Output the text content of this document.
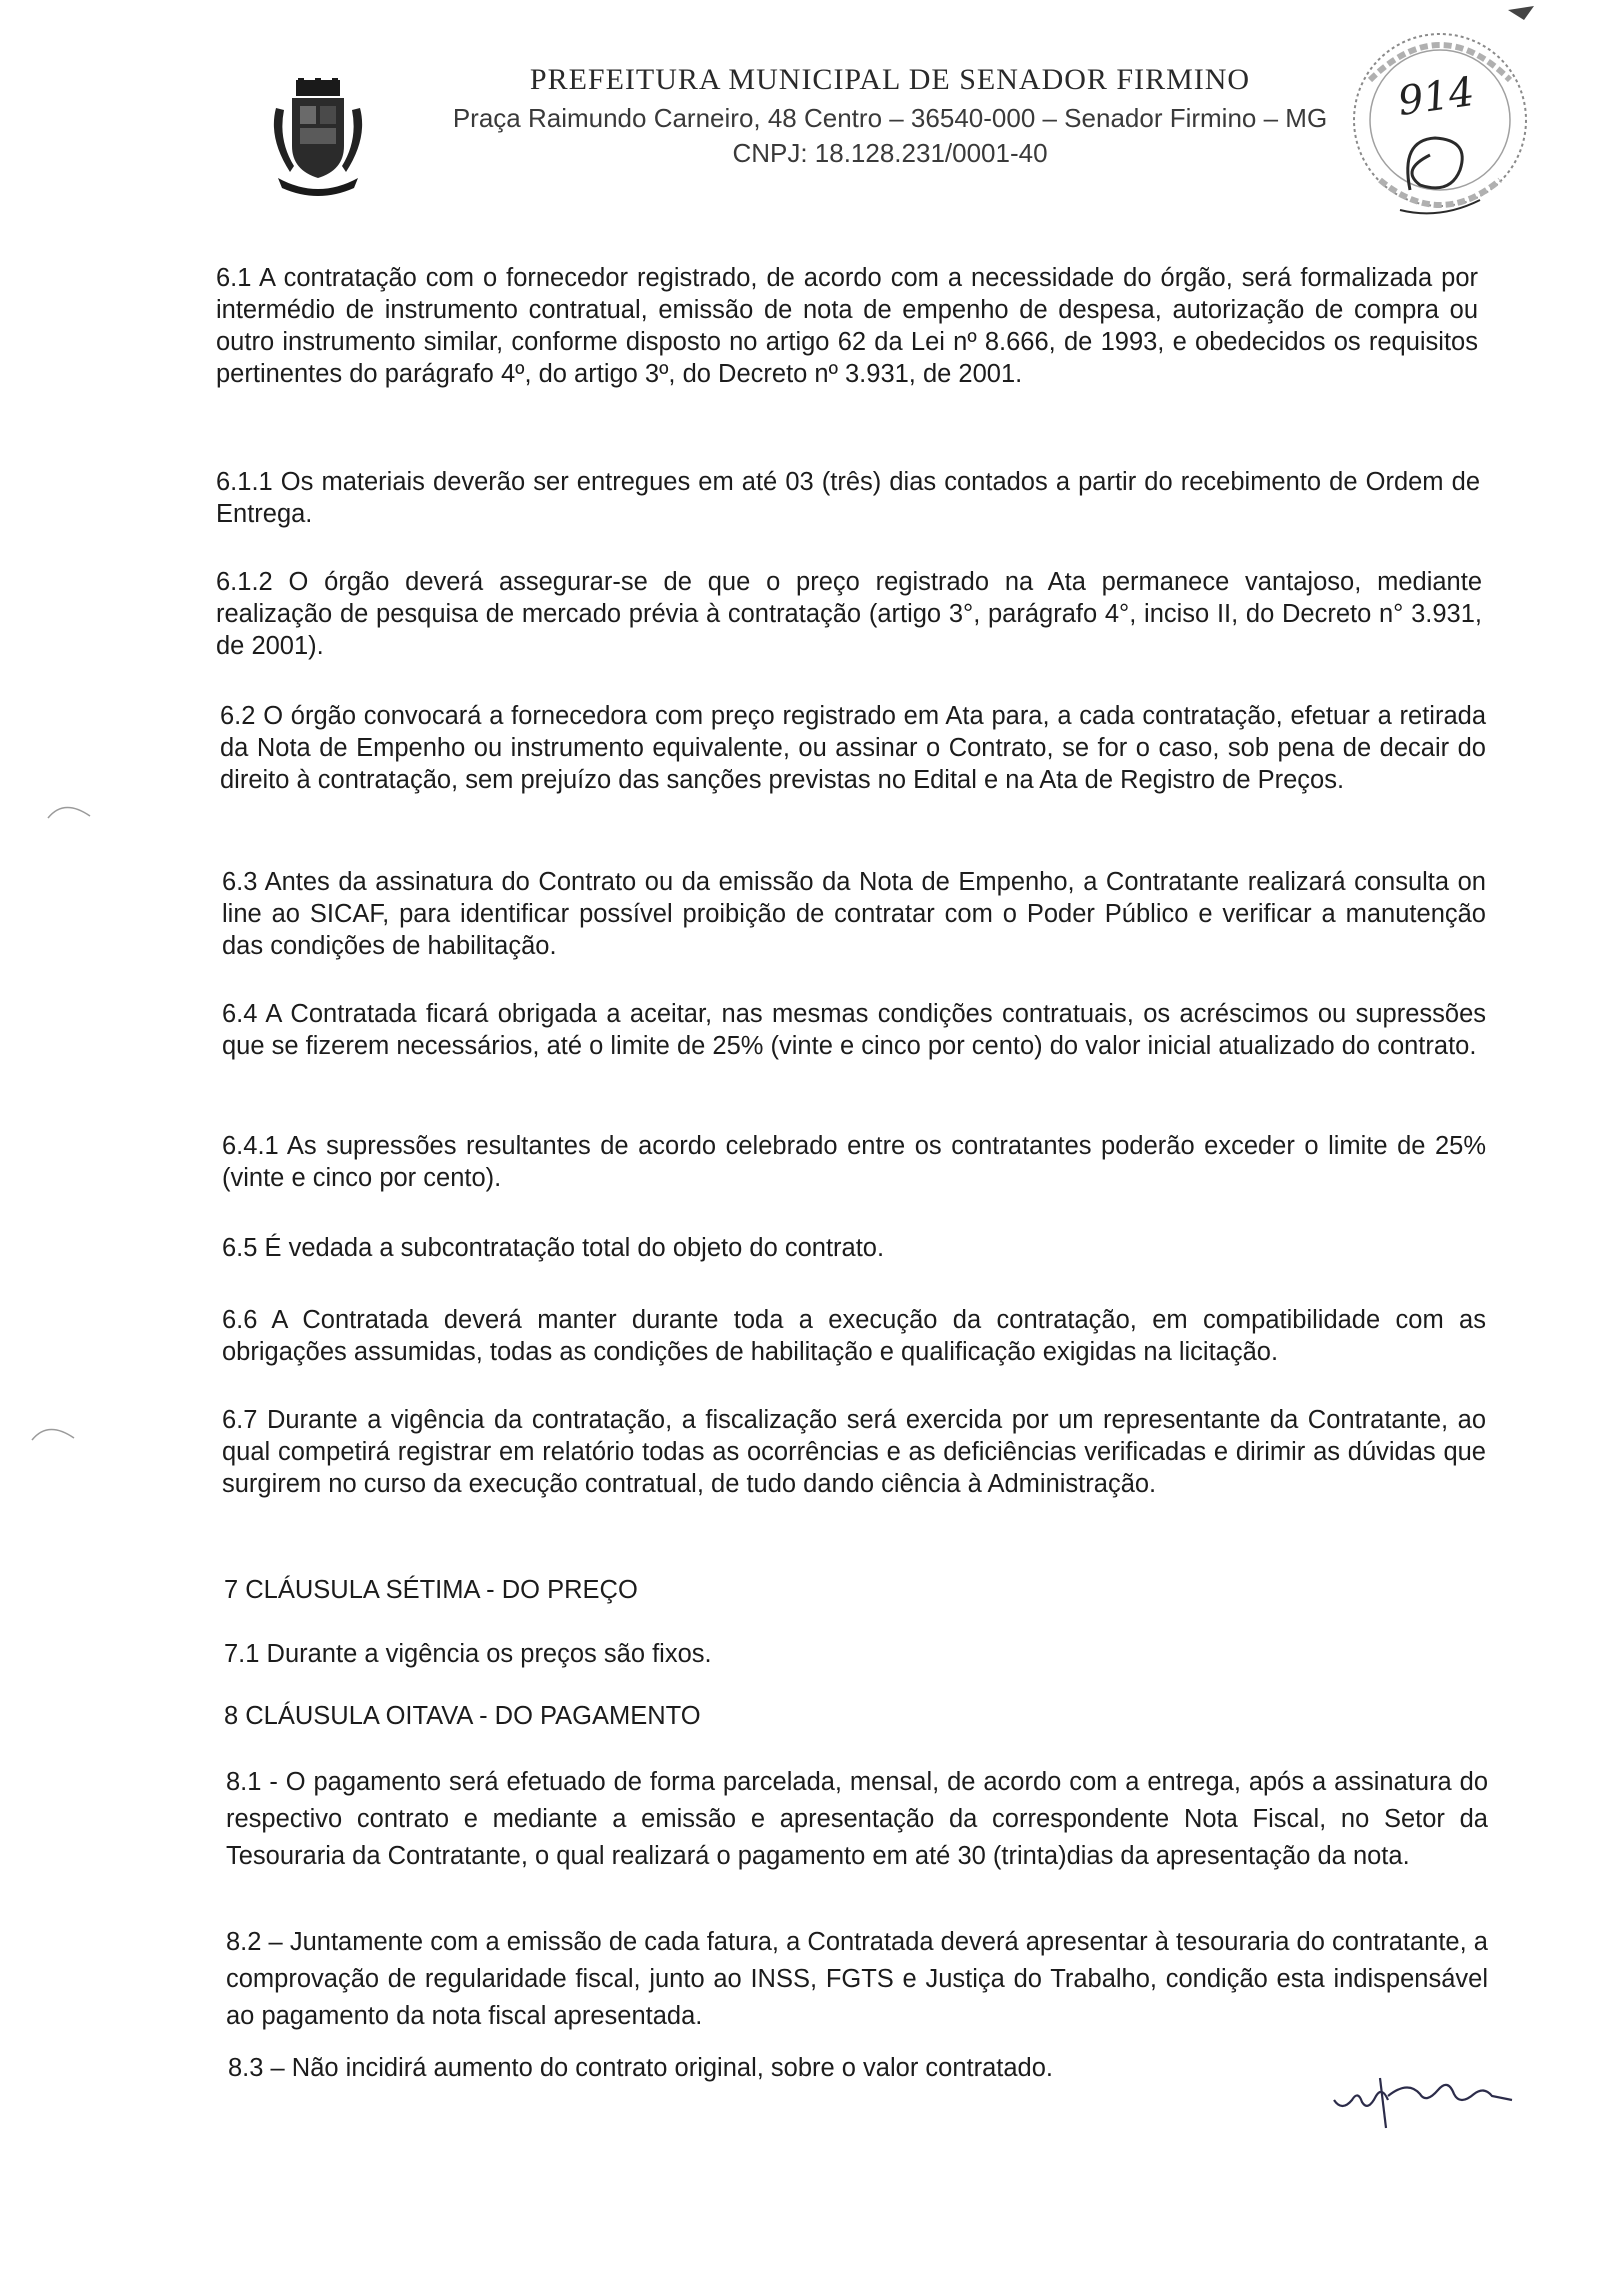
PREFEITURA MUNICIPAL DE SENADOR FIRMINO
Praça Raimundo Carneiro, 48 Centro – 36540-000 – Senador Firmino – MG
CNPJ: 18.128.231/0001-40
914

6.1 A contratação com o fornecedor registrado, de acordo com a necessidade do órgão, será formalizada por intermédio de instrumento contratual, emissão de nota de empenho de despesa, autorização de compra ou outro instrumento similar, conforme disposto no artigo 62 da Lei nº 8.666, de 1993, e obedecidos os requisitos pertinentes do parágrafo 4º, do artigo 3º, do Decreto nº 3.931, de 2001.

6.1.1 Os materiais deverão ser entregues em até 03 (três) dias contados a partir do recebimento de Ordem de Entrega.

6.1.2 O órgão deverá assegurar-se de que o preço registrado na Ata permanece vantajoso, mediante realização de pesquisa de mercado prévia à contratação (artigo 3°, parágrafo 4°, inciso II, do Decreto n° 3.931, de 2001).

6.2 O órgão convocará a fornecedora com preço registrado em Ata para, a cada contratação, efetuar a retirada da Nota de Empenho ou instrumento equivalente, ou assinar o Contrato, se for o caso, sob pena de decair do direito à contratação, sem prejuízo das sanções previstas no Edital e na Ata de Registro de Preços.

6.3 Antes da assinatura do Contrato ou da emissão da Nota de Empenho, a Contratante realizará consulta on line ao SICAF, para identificar possível proibição de contratar com o Poder Público e verificar a manutenção das condições de habilitação.

6.4 A Contratada ficará obrigada a aceitar, nas mesmas condições contratuais, os acréscimos ou supressões que se fizerem necessários, até o limite de 25% (vinte e cinco por cento) do valor inicial atualizado do contrato.

6.4.1 As supressões resultantes de acordo celebrado entre os contratantes poderão exceder o limite de 25% (vinte e cinco por cento).

6.5 É vedada a subcontratação total do objeto do contrato.

6.6 A Contratada deverá manter durante toda a execução da contratação, em compatibilidade com as obrigações assumidas, todas as condições de habilitação e qualificação exigidas na licitação.

6.7 Durante a vigência da contratação, a fiscalização será exercida por um representante da Contratante, ao qual competirá registrar em relatório todas as ocorrências e as deficiências verificadas e dirimir as dúvidas que surgirem no curso da execução contratual, de tudo dando ciência à Administração.

7 CLÁUSULA SÉTIMA - DO PREÇO

7.1 Durante a vigência os preços são fixos.

8 CLÁUSULA OITAVA - DO PAGAMENTO

8.1 - O pagamento será efetuado de forma parcelada, mensal, de acordo com a entrega, após a assinatura do respectivo contrato e mediante a emissão e apresentação da correspondente Nota Fiscal, no Setor da Tesouraria da Contratante, o qual realizará o pagamento em até 30 (trinta)dias da apresentação da nota.

8.2 – Juntamente com a emissão de cada fatura, a Contratada deverá apresentar à tesouraria do contratante, a comprovação de regularidade fiscal, junto ao INSS, FGTS e Justiça do Trabalho, condição esta indispensável ao pagamento da nota fiscal apresentada.

8.3 – Não incidirá aumento do contrato original, sobre o valor contratado.
